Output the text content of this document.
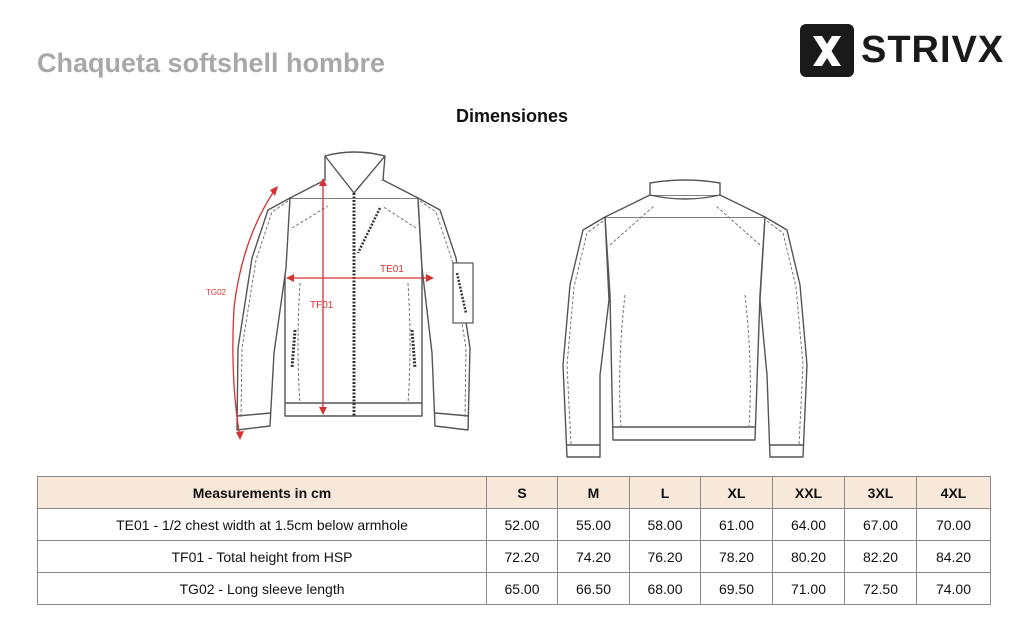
Chaqueta softshell hombre	STRIVX
Dimensiones
TE01
TF01
TG02
Measurements in cm	S	M	L	XL	XXL	3XL	4XL
TE01 - 1/2 chest width at 1.5cm below armhole	52.00	55.00	58.00	61.00	64.00	67.00	70.00
TF01 - Total height from HSP	72.20	74.20	76.20	78.20	80.20	82.20	84.20
TG02 - Long sleeve length	65.00	66.50	68.00	69.50	71.00	72.50	74.00
